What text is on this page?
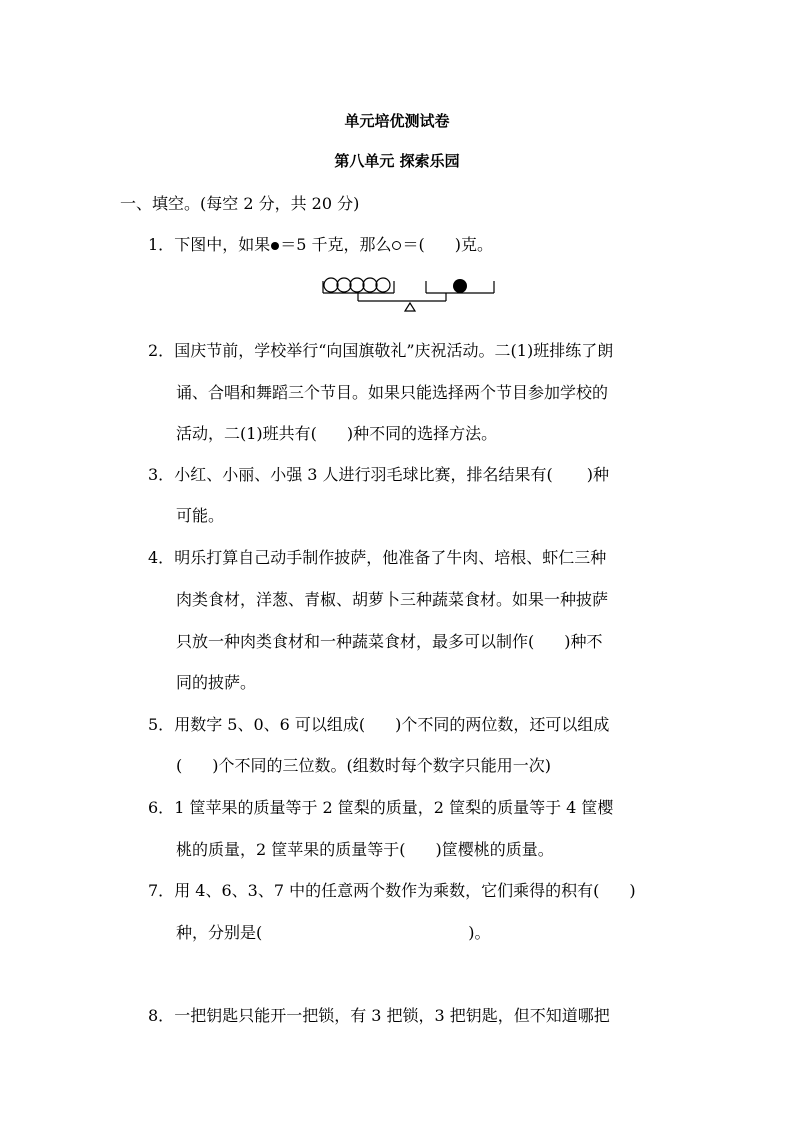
单元培优测试卷
第八单元 探索乐园
一、填空。(每空 2 分，共 20 分)
1．下图中，如果 ＝5 千克，那么 ＝( )克。
2．国庆节前，学校举行“向国旗敬礼”庆祝活动。二(1)班排练了朗
诵、合唱和舞蹈三个节目。如果只能选择两个节目参加学校的
活动，二(1)班共有( )种不同的选择方法。
3．小红、小丽、小强 3 人进行羽毛球比赛，排名结果有( )种
可能。
4．明乐打算自己动手制作披萨，他准备了牛肉、培根、虾仁三种
肉类食材，洋葱、青椒、胡萝卜三种蔬菜食材。如果一种披萨
只放一种肉类食材和一种蔬菜食材，最多可以制作( )种不
同的披萨。
5．用数字 5、0、6 可以组成( )个不同的两位数，还可以组成
( )个不同的三位数。(组数时每个数字只能用一次)
6．1 筐苹果的质量等于 2 筐梨的质量，2 筐梨的质量等于 4 筐樱
桃的质量，2 筐苹果的质量等于( )筐樱桃的质量。
7．用 4、6、3、7 中的任意两个数作为乘数，它们乘得的积有( )
种，分别是(	)。
8．一把钥匙只能开一把锁，有 3 把锁，3 把钥匙，但不知道哪把
